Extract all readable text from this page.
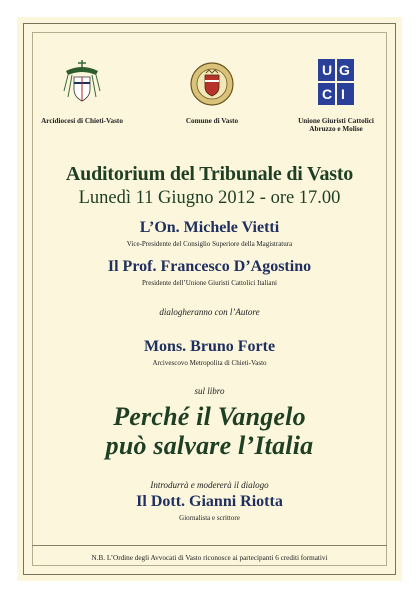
Arcidiocesi di Chieti-Vasto	Comune di Vasto
U G
C I
Unione Giuristi Cattolici
Abruzzo e Molise
Auditorium del Tribunale di Vasto
Lunedì 11 Giugno 2012 - ore 17.00
L’On. Michele Vietti
Vice-Presidente del Consiglio Superiore della Magistratura
Il Prof. Francesco D’Agostino
Presidente dell’Unione Giuristi Cattolici Italiani
dialogheranno con l’Autore
Mons. Bruno Forte
Arcivescovo Metropolita di Chieti-Vasto
sul libro
Perché il Vangelo
può salvare l’Italia
Introdurrà e modererà il dialogo
Il Dott. Gianni Riotta
Giornalista e scrittore
N.B. L’Ordine degli Avvocati di Vasto riconosce ai partecipanti 6 crediti formativi
